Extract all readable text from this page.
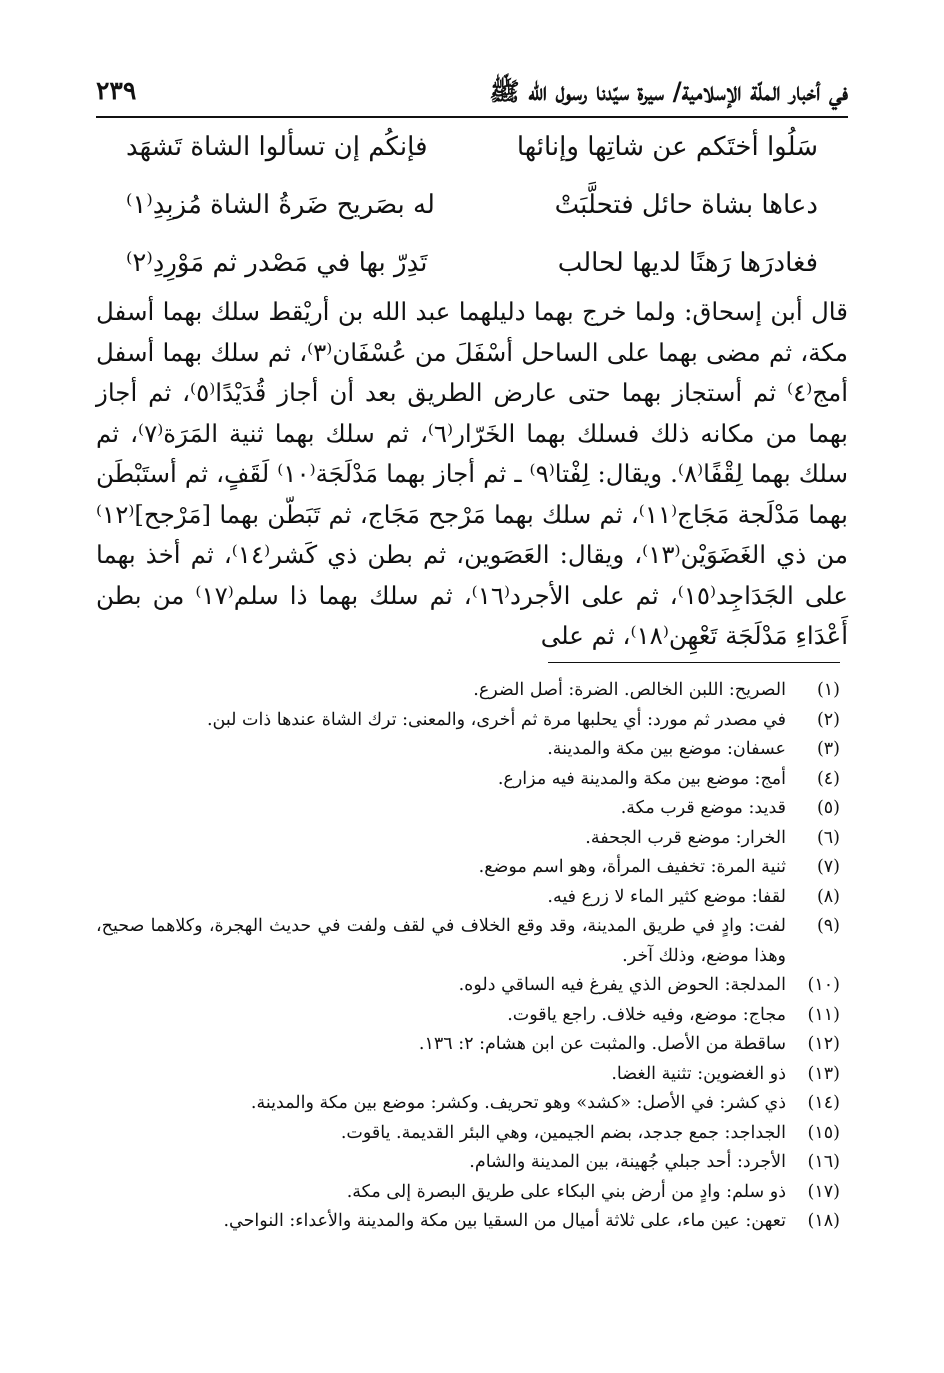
في أخبار الملّة الإسلامية/ سيرة سيّدنا رسول الله ﷺ
٢٣٩
سَلُوا أختَكم عن شاتِها وإنائها
فإنكُم إن تسألوا الشاة تَشهَد
دعاها بشاة حائل فتحلَّبَتْ
له بصَريح ضَرةُ الشاة مُزبِدِ⁽١⁾
فغادرَها رَهنًا لديها لحالب
تَدِرّ بها في مَصْدر ثم مَوْرِدِ⁽٢⁾

قال أبن إسحاق: ولما خرج بهما دليلهما عبد الله بن أريْقط سلك بهما أسفل مكة، ثم مضى بهما على الساحل أسْفَلَ من عُسْفَان⁽٣⁾، ثم سلك بهما أسفل أمج⁽٤⁾ ثم أستجاز بهما حتى عارض الطريق بعد أن أجاز قُدَيْدًا⁽٥⁾، ثم أجاز بهما من مكانه ذلك فسلك بهما الخَرّار⁽٦⁾، ثم سلك بهما ثنية المَرَة⁽٧⁾، ثم سلك بهما لِقْفًا⁽٨⁾. ويقال: لِفْتا⁽٩⁾ ـ ثم أجاز بهما مَدْلَجَة⁽١٠⁾ لَقَفٍ، ثم أستَبْطَن بهما مَدْلَجة مَجَاج⁽١١⁾، ثم سلك بهما مَرْجح مَجَاج، ثم تَبَطّن بهما [مَرْجح]⁽١٢⁾ من ذي الغَضَوَيْن⁽١٣⁾، ويقال: العَصَوين، ثم بطن ذي كَشر⁽١٤⁾، ثم أخذ بهما على الجَدَاجِد⁽١٥⁾، ثم على الأجرد⁽١٦⁾، ثم سلك بهما ذا سلم⁽١٧⁾ من بطن أَعْدَاءِ مَدْلَجَة تَعْهِن⁽١٨⁾، ثم على

(١)
الصريح: اللبن الخالص. الضرة: أصل الضرع.
(٢)
في مصدر ثم مورد: أي يحلبها مرة ثم أخرى، والمعنى: ترك الشاة عندها ذات لبن.
(٣)
عسفان: موضع بين مكة والمدينة.
(٤)
أمج: موضع بين مكة والمدينة فيه مزارع.
(٥)
قديد: موضع قرب مكة.
(٦)
الخرار: موضع قرب الجحفة.
(٧)
ثنية المرة: تخفيف المرأة، وهو اسم موضع.
(٨)
لقفا: موضع كثير الماء لا زرع فيه.
(٩)
لفت: وادٍ في طريق المدينة، وقد وقع الخلاف في لقف ولفت في حديث الهجرة، وكلاهما صحيح، وهذا موضع، وذلك آخر.
(١٠)
المدلجة: الحوض الذي يفرغ فيه الساقي دلوه.
(١١)
مجاج: موضع، وفيه خلاف. راجع ياقوت.
(١٢)
ساقطة من الأصل. والمثبت عن ابن هشام: ٢: ١٣٦.
(١٣)
ذو الغضوين: تثنية الغضا.
(١٤)
ذي كشر: في الأصل: «كشد» وهو تحريف. وكشر: موضع بين مكة والمدينة.
(١٥)
الجداجد: جمع جدجد، بضم الجيمين، وهي البئر القديمة. ياقوت.
(١٦)
الأجرد: أحد جبلي جُهينة، بين المدينة والشام.
(١٧)
ذو سلم: وادٍ من أرض بني البكاء على طريق البصرة إلى مكة.
(١٨)
تعهن: عين ماء، على ثلاثة أميال من السقيا بين مكة والمدينة والأعداء: النواحي.
